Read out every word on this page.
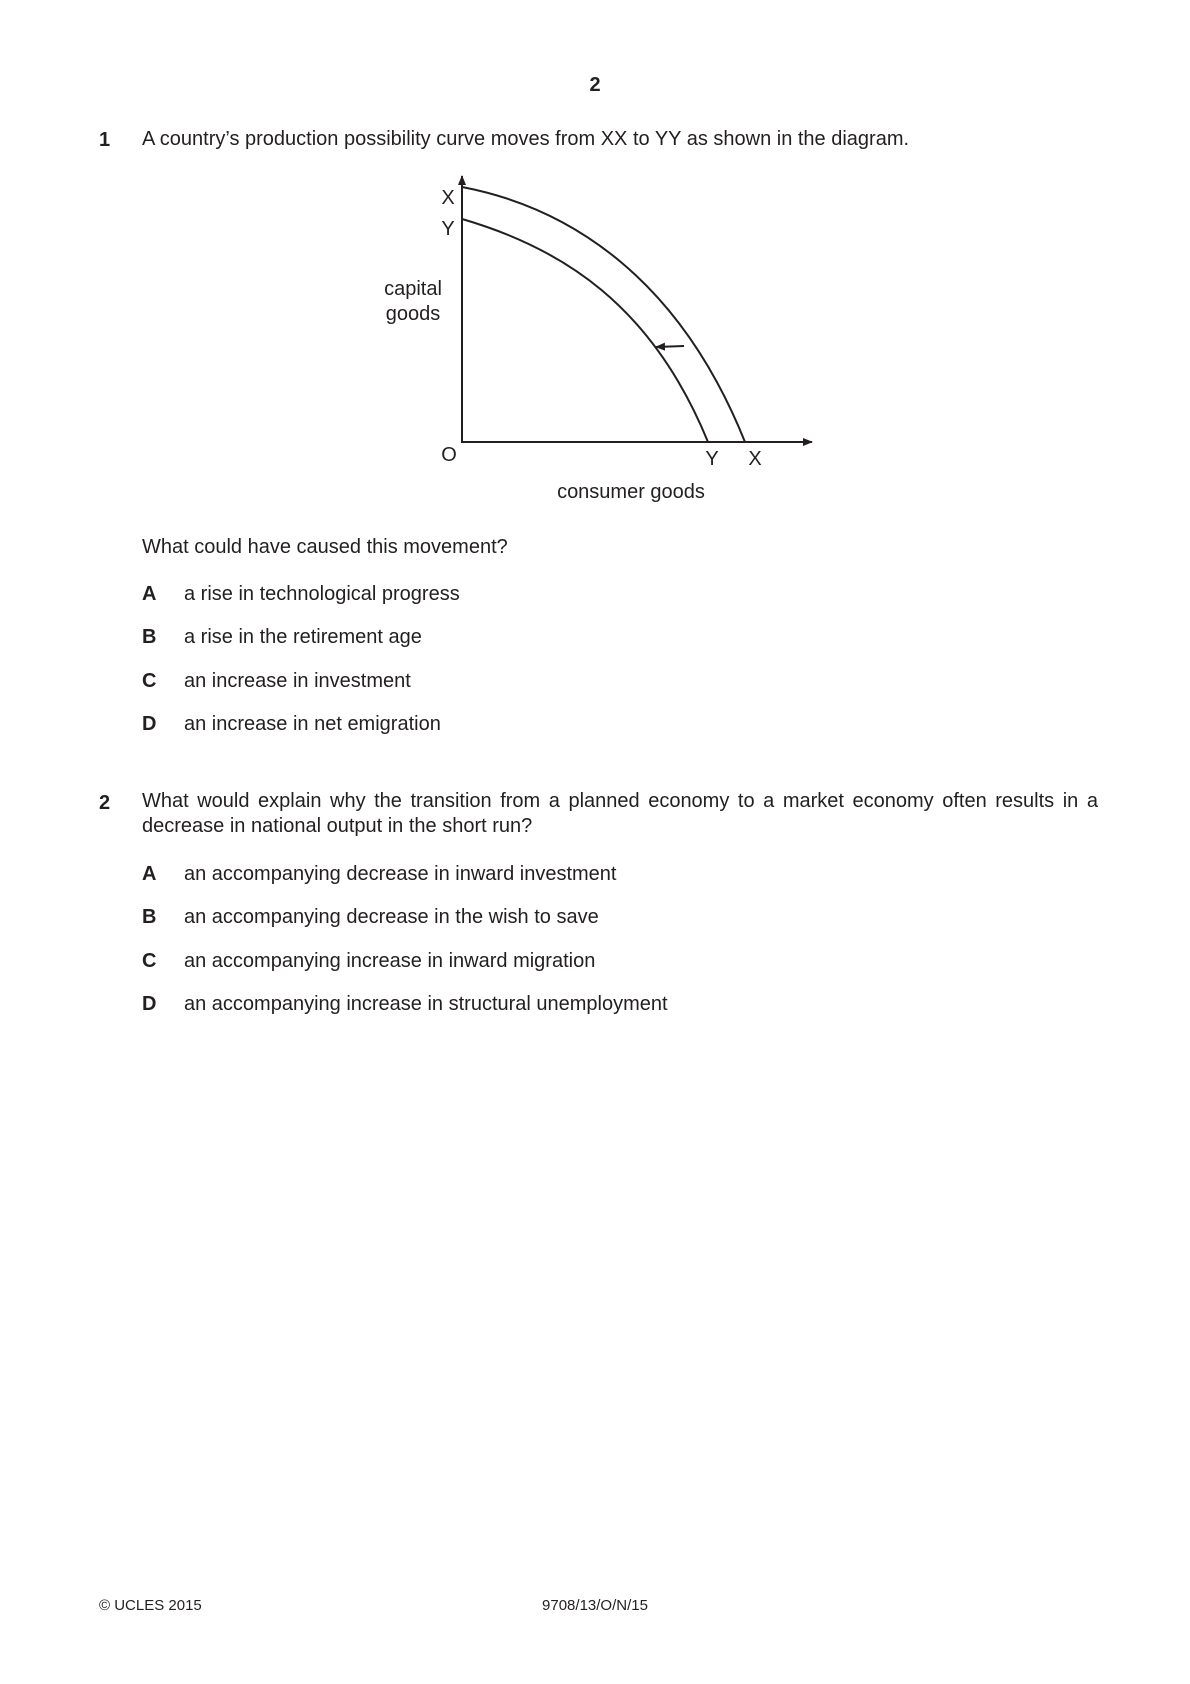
2
1 A country’s production possibility curve moves from XX to YY as shown in the diagram.
X
Y
capital
goods
O	Y X
consumer goods
What could have caused this movement?
A a rise in technological progress
B a rise in the retirement age
C an increase in investment
D an increase in net emigration
2 What would explain why the transition from a planned economy to a market economy often results in a decrease in national output in the short run?
A an accompanying decrease in inward investment
B an accompanying decrease in the wish to save
C an accompanying increase in inward migration
D an accompanying increase in structural unemployment
© UCLES 2015	9708/13/O/N/15
